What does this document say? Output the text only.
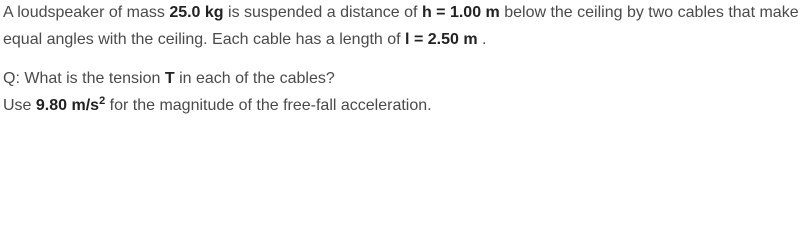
A loudspeaker of mass 25.0 kg is suspended a distance of h = 1.00 m below the ceiling by two cables that make
equal angles with the ceiling. Each cable has a length of l = 2.50 m .
Q: What is the tension T in each of the cables?
Use 9.80 $m/s^2$ for the magnitude of the free-fall acceleration.
